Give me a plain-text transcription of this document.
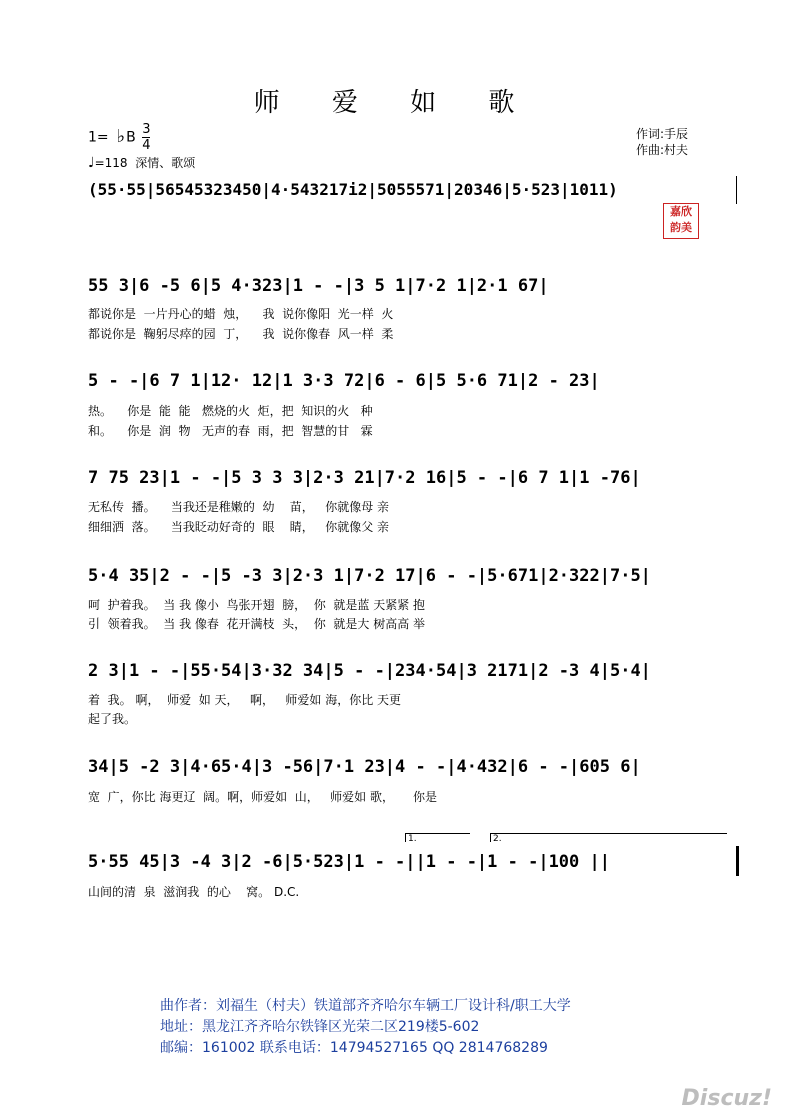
师 爱 如 歌
1= ♭B $\frac{3}{4}$
♩=118 深情、歌颂
作词:手辰
作曲:村夫
嘉欣
韵美
(55·55|56545323450|4·543217i2|5055571|20346|5·523|1011)
55 3|6 -5 6|5 4·323|1 - -|3 5 1|7·2 1|2·1 67|
都说你是  一片丹心的蜡  烛，    我  说你像阳  光一样  火
都说你是  鞠躬尽瘁的园  丁，    我  说你像春  风一样  柔
5 - -|6 7 1|12· 12|1 3·3 72|6 - 6|5 5·6 71|2 - 23|
热。    你是  能  能   燃烧的火  炬，把  知识的火   种
和。    你是  润  物   无声的春  雨，把  智慧的甘   霖
7 75 23|1 - -|5 3 3 3|2·3 21|7·2 16|5 - -|6 7 1|1 -76|
无私传  播。    当我还是稚嫩的  幼    苗，   你就像母 亲
细细洒  落。    当我眨动好奇的  眼    睛，   你就像父 亲
5·4 35|2 - -|5 -3 3|2·3 1|7·2 17|6 - -|5·671|2·322|7·5|
呵  护着我。  当 我 像小  鸟张开翅  膀，  你  就是蓝 天紧紧 抱
引  领着我。  当 我 像春  花开满枝  头，  你  就是大 树高高 举
2 3|1 - -|55·54|3·32 34|5 - -|234·54|3 2171|2 -3 4|5·4|
着  我。 啊，  师爱  如 天，   啊，   师爱如 海，你比 天更
起了我。
34|5 -2 3|4·65·4|3 -56|7·1 23|4 - -|4·432|6 - -|605 6|
宽  广，你比 海更辽  阔。啊，师爱如  山，   师爱如 歌，     你是
1.	2.
5·55 45|3 -4 3|2 -6|5·523|1 - -||1 - -|1 - -|100 ||
山间的清  泉  滋润我  的心    窝。 D.C.
曲作者：刘福生（村夫）铁道部齐齐哈尔车辆工厂设计科/职工大学
地址：黑龙江齐齐哈尔铁锋区光荣二区219楼5-602
邮编：161002 联系电话：14794527165 QQ 2814768289
Discuz!
